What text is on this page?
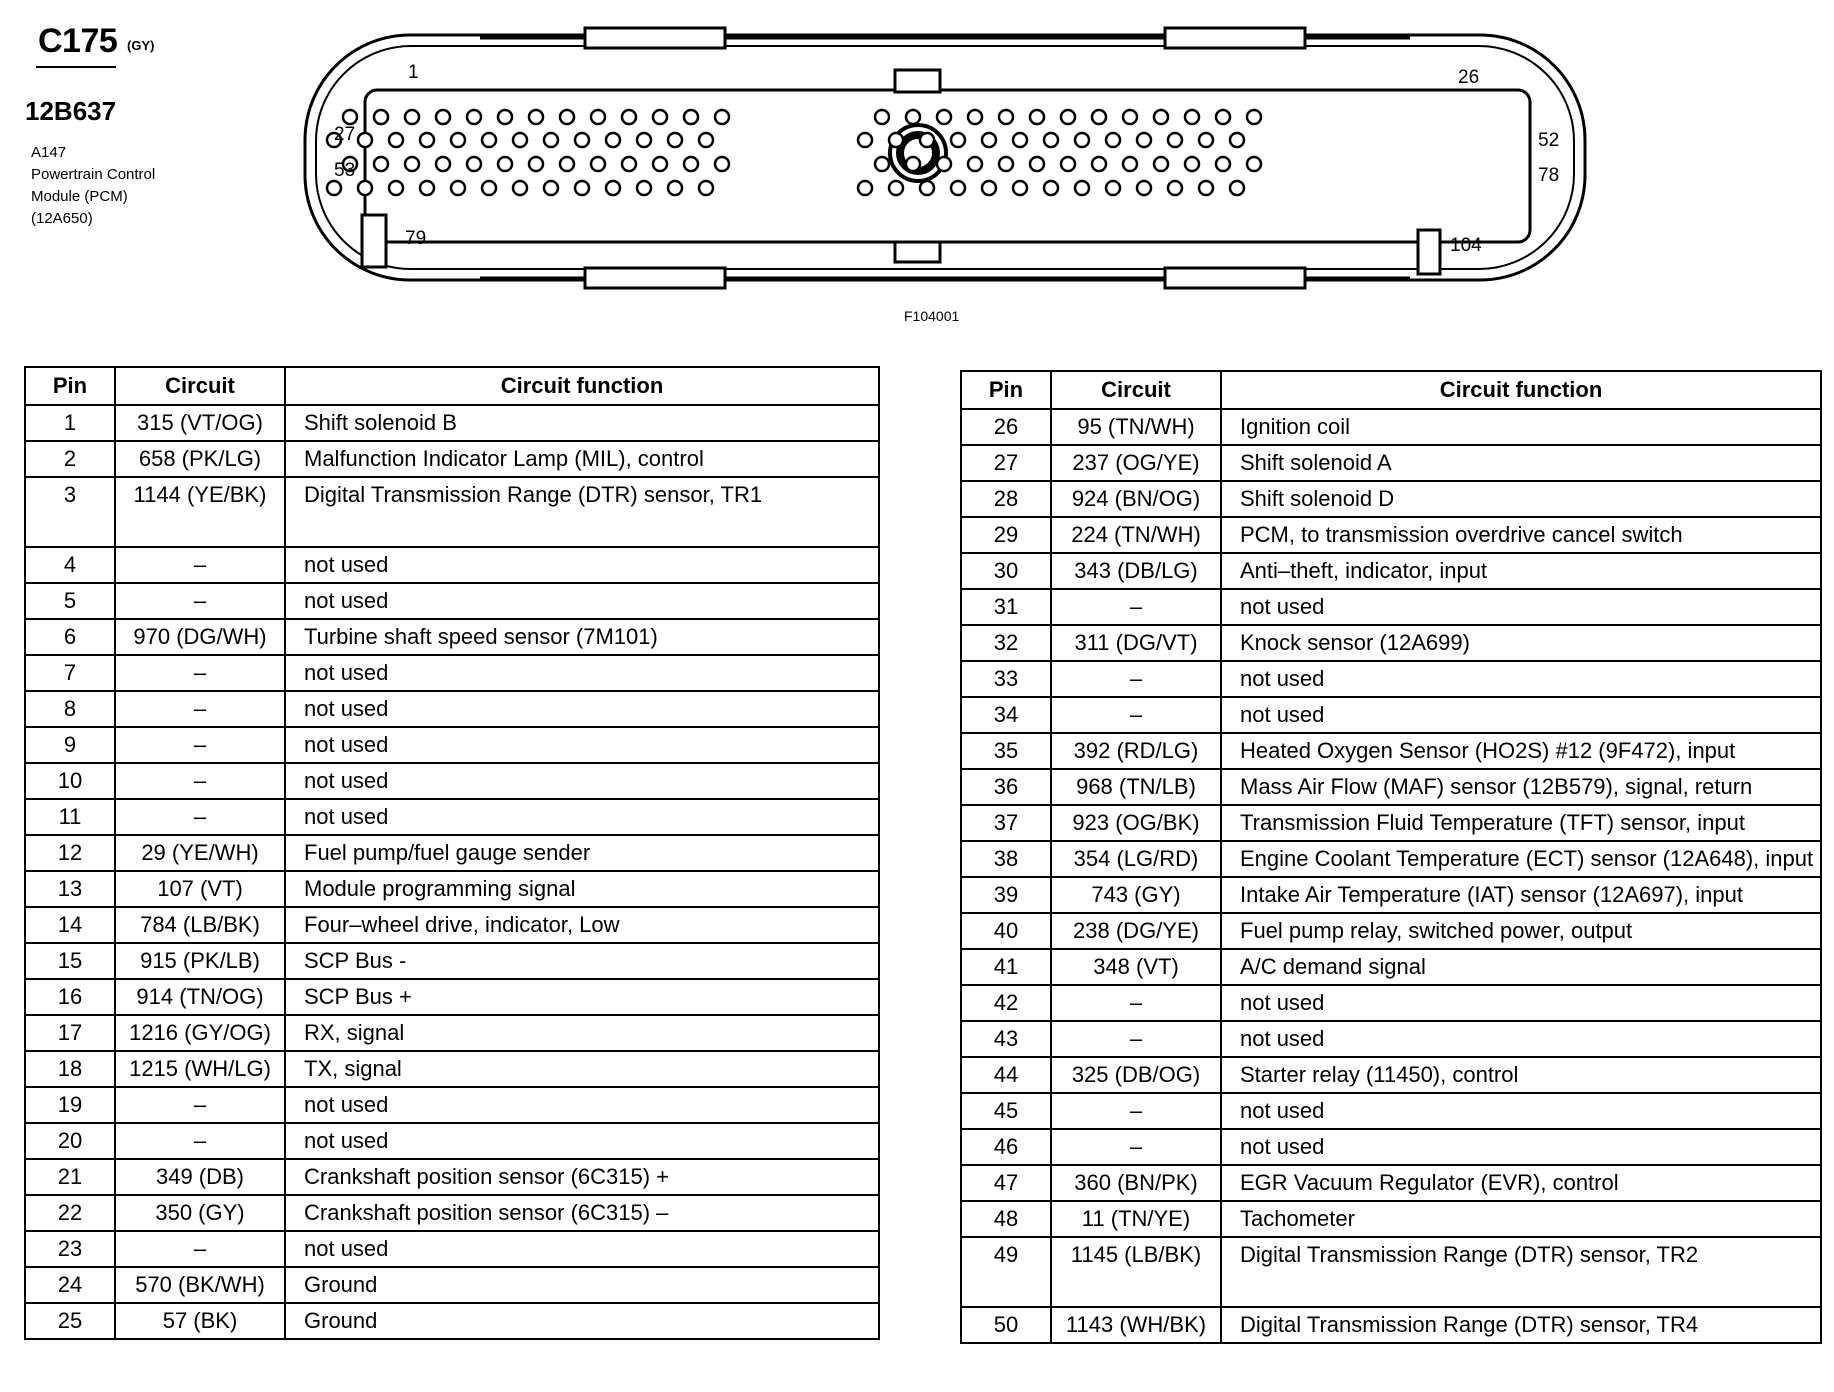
C175 (GY)
12B637
A147
Powertrain Control
Module (PCM)
(12A650)
1	26
27
53
52
78
79	104
F104001
Pin	Circuit	Circuit function
1	315 (VT/OG)	Shift solenoid B
2	658 (PK/LG)	Malfunction Indicator Lamp (MIL), control
3	1144 (YE/BK)	Digital Transmission Range (DTR) sensor, TR1
4	–	not used
5	–	not used
6	970 (DG/WH)	Turbine shaft speed sensor (7M101)
7	–	not used
8	–	not used
9	–	not used
10	–	not used
11	–	not used
12	29 (YE/WH)	Fuel pump/fuel gauge sender
13	107 (VT)	Module programming signal
14	784 (LB/BK)	Four–wheel drive, indicator, Low
15	915 (PK/LB)	SCP Bus -
16	914 (TN/OG)	SCP Bus +
17	1216 (GY/OG)	RX, signal
18	1215 (WH/LG)	TX, signal
19	–	not used
20	–	not used
21	349 (DB)	Crankshaft position sensor (6C315) +
22	350 (GY)	Crankshaft position sensor (6C315) –
23	–	not used
24	570 (BK/WH)	Ground
25	57 (BK)	Ground
Pin	Circuit	Circuit function
26	95 (TN/WH)	Ignition coil
27	237 (OG/YE)	Shift solenoid A
28	924 (BN/OG)	Shift solenoid D
29	224 (TN/WH)	PCM, to transmission overdrive cancel switch
30	343 (DB/LG)	Anti–theft, indicator, input
31	–	not used
32	311 (DG/VT)	Knock sensor (12A699)
33	–	not used
34	–	not used
35	392 (RD/LG)	Heated Oxygen Sensor (HO2S) #12 (9F472), input
36	968 (TN/LB)	Mass Air Flow (MAF) sensor (12B579), signal, return
37	923 (OG/BK)	Transmission Fluid Temperature (TFT) sensor, input
38	354 (LG/RD)	Engine Coolant Temperature (ECT) sensor (12A648), input
39	743 (GY)	Intake Air Temperature (IAT) sensor (12A697), input
40	238 (DG/YE)	Fuel pump relay, switched power, output
41	348 (VT)	A/C demand signal
42	–	not used
43	–	not used
44	325 (DB/OG)	Starter relay (11450), control
45	–	not used
46	–	not used
47	360 (BN/PK)	EGR Vacuum Regulator (EVR), control
48	11 (TN/YE)	Tachometer
49	1145 (LB/BK)	Digital Transmission Range (DTR) sensor, TR2
50	1143 (WH/BK)	Digital Transmission Range (DTR) sensor, TR4
